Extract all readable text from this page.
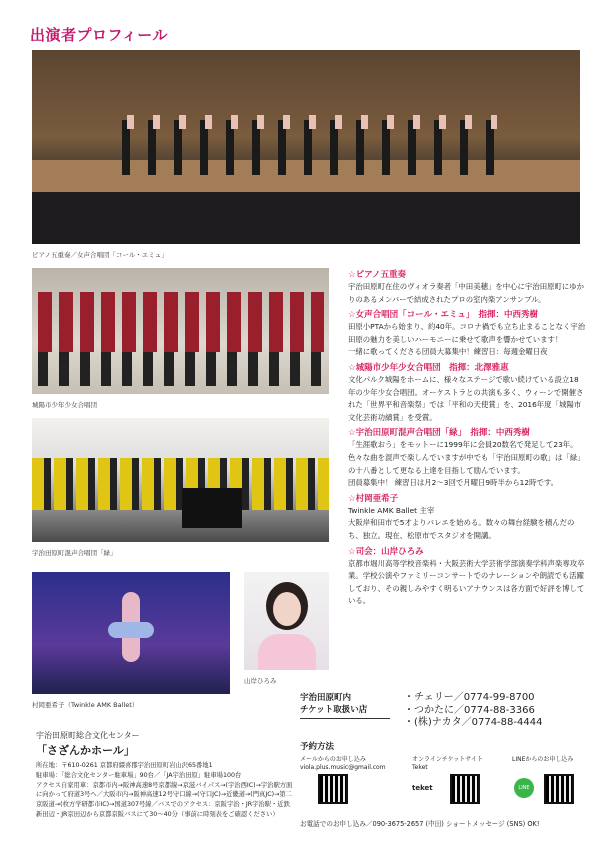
出演者プロフィール
ピアノ五重奏／女声合唱団「コール・エミュ」
城陽市少年少女合唱団
宇治田原町混声合唱団「緑」
村岡亜希子（Twinkle AMK Ballet）
山岸ひろみ
☆ピアノ五重奏
宇治田原町在住のヴィオラ奏者「中田美穂」を中心に宇治田原町にゆかりのあるメンバーで結成されたプロの室内楽アンサンブル。
☆女声合唱団「コール・エミュ」　指揮：中西秀樹
田原小PTAから始まり、約40年。コロナ禍でも立ち止まることなく宇治田原の魅力を美しいハーモニーに乗せて歌声を響かせています！
一緒に歌ってくださる団員大募集中！練習日：毎週金曜日夜
☆城陽市少年少女合唱団　指揮：北澤雅恵
文化パルク城陽をホームに、様々なステージで歌い続けている設立18年の少年少女合唱団。オーケストラとの共演も多く、ウィーンで開催された「世界平和音楽祭」では「平和の天使賞」を、2016年度「城陽市文化芸術功績賞」を受賞。
☆宇治田原町混声合唱団「緑」　指揮：中西秀樹
「生涯歌おう」をモットーに1999年に会員20数名で発足して23年。色々な曲を混声で楽しんでいますが中でも「宇治田原町の歌」は「緑」の十八番として更なる上達を目指して励んでいます。
団員募集中！ 練習日は月2～3回で月曜日9時半から12時です。
☆村岡亜希子
Twinkle AMK Ballet 主宰
大阪岸和田市で5才よりバレエを始める。数々の舞台経験を積んだのち、独立。現在、松原市でスタジオを開講。
☆司会：山岸ひろみ
京都市堀川高等学校音楽科・大阪芸術大学芸術学部演奏学科声楽専攻卒業。学校公演やファミリーコンサートでのナレーションや朗読でも活躍しており、その親しみやすく明るいアナウンスは各方面で好評を博している。
宇治田原町総合文化センター
「さざんかホール」
所在地：〒610-0261 京都府綴喜郡宇治田原町岩山沢65番地1
駐車場：「総合文化センター駐車場」90台／「JA宇治田原」駐車場100台
アクセス自家用車：京都市内→阪神高速8号京都線→京滋バイパス→(宇治西IC)→宇治駅方面に向かって府道3号へ／大阪市内→阪神高速12号守口線→(守口JC)→近畿道→(門真JC)→第二京阪道→(枚方学研都市IC)→国道307号線／バスでのアクセス：京阪宇治・JR宇治駅・近鉄新田辺・JR京田辺から京都京阪バスにて30～40分（事前に時刻表をご確認ください）
宇治田原町内
チケット取扱い店
・チェリー／0774-99-8700
・つかたに／0774-88-3366
・(株)ナカタ／0774-88-4444
予約方法
メールからのお申し込み
viola.plus.music@gmail.com
オンラインチケットサイト
Teket
teket
LINEからのお申し込み
LINE
お電話でのお申し込み／090-3675-2657 (中田) ショートメッセージ (SNS) OK!
